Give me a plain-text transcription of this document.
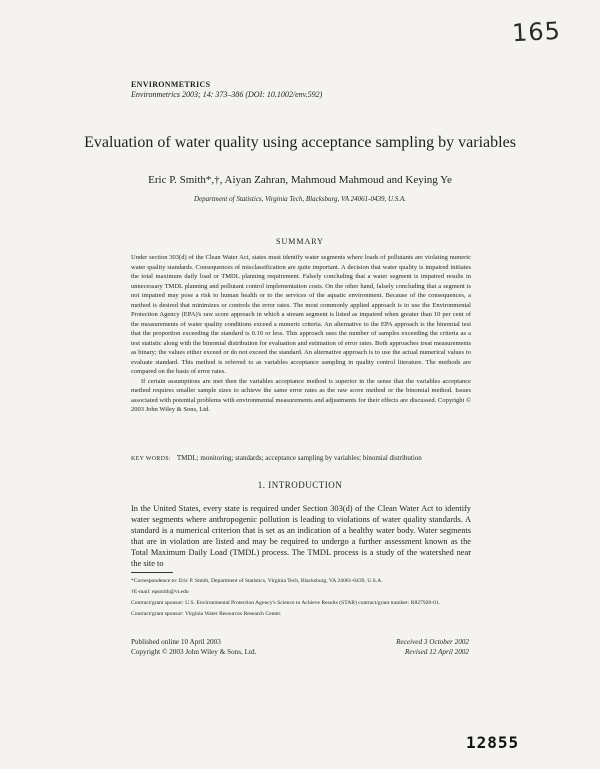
165
ENVIRONMETRICS
Environmetrics 2003; 14: 373–386 (DOI: 10.1002/env.592)
Evaluation of water quality using acceptance sampling by variables
Eric P. Smith*,†, Aiyan Zahran, Mahmoud Mahmoud and Keying Ye
Department of Statistics, Virginia Tech, Blacksburg, VA 24061-0439, U.S.A.
SUMMARY

Under section 303(d) of the Clean Water Act, states must identify water segments where loads of pollutants are violating numeric water quality standards. Consequences of misclassification are quite important. A decision that water quality is impaired initiates the total maximum daily load or TMDL planning requirement. Falsely concluding that a water segment is impaired results in unnecessary TMDL planning and pollutant control implementation costs. On the other hand, falsely concluding that a segment is not impaired may pose a risk to human health or to the services of the aquatic environment. Because of the consequences, a method is desired that minimizes or controls the error rates. The most commonly applied approach is to use the Environmental Protection Agency (EPA)'s raw score approach in which a stream segment is listed as impaired when greater than 10 per cent of the measurements of water quality conditions exceed a numeric criteria. An alternative to the EPA approach is the binomial test that the proportion exceeding the standard is 0.10 or less. This approach uses the number of samples exceeding the criteria as a test statistic along with the binomial distribution for evaluation and estimation of error rates. Both approaches treat measurements as binary; the values either exceed or do not exceed the standard. An alternative approach is to use the actual numerical values to evaluate standard. This method is referred to as variables acceptance sampling in quality control literature. The methods are compared on the basis of error rates.

If certain assumptions are met then the variables acceptance method is superior in the sense that the variables acceptance method requires smaller sample sizes to achieve the same error rates as the raw score method or the binomial method. Issues associated with potential problems with environmental measurements and adjustments for their effects are discussed. Copyright © 2003 John Wiley & Sons, Ltd.

KEY WORDS: TMDL; monitoring; standards; acceptance sampling by variables; binomial distribution
1. INTRODUCTION

In the United States, every state is required under Section 303(d) of the Clean Water Act to identify water segments where anthropogenic pollution is leading to violations of water quality standards. A standard is a numerical criterion that is set as an indication of a healthy water body. Water segments that are in violation are listed and may be required to undergo a further assessment known as the Total Maximum Daily Load (TMDL) process. The TMDL process is a study of the watershed near the site to

*Correspondence to: Eric P. Smith, Department of Statistics, Virginia Tech, Blacksburg, VA 24061-0439, U.S.A.

†E-mail: epsmith@vt.edu

Contract/grant sponsor: U.S. Environmental Protection Agency's Science to Achieve Results (STAR) contract/grant number: R827928-01.

Contract/grant sponsor: Virginia Water Resources Research Center.

Published online 10 April 2003
Copyright © 2003 John Wiley & Sons, Ltd.
Received 3 October 2002
Revised 12 April 2002
12855
